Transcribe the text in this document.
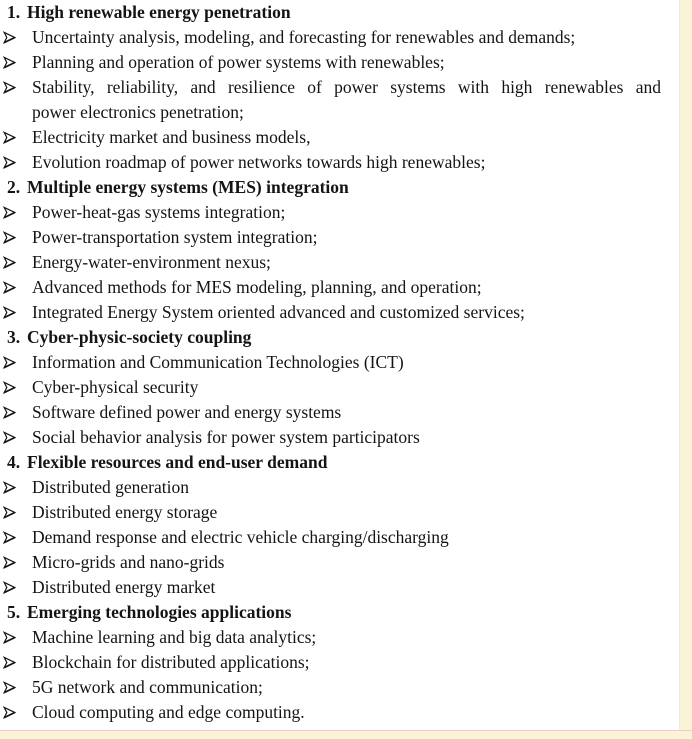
1. High renewable energy penetration
Uncertainty analysis, modeling, and forecasting for renewables and demands;
Planning and operation of power systems with renewables;
Stability, reliability, and resilience of power systems with high renewables and
power electronics penetration;
Electricity market and business models,
Evolution roadmap of power networks towards high renewables;
2. Multiple energy systems (MES) integration
Power-heat-gas systems integration;
Power-transportation system integration;
Energy-water-environment nexus;
Advanced methods for MES modeling, planning, and operation;
Integrated Energy System oriented advanced and customized services;
3. Cyber-physic-society coupling
Information and Communication Technologies (ICT)
Cyber-physical security
Software defined power and energy systems
Social behavior analysis for power system participators
4. Flexible resources and end-user demand
Distributed generation
Distributed energy storage
Demand response and electric vehicle charging/discharging
Micro-grids and nano-grids
Distributed energy market
5. Emerging technologies applications
Machine learning and big data analytics;
Blockchain for distributed applications;
5G network and communication;
Cloud computing and edge computing.
